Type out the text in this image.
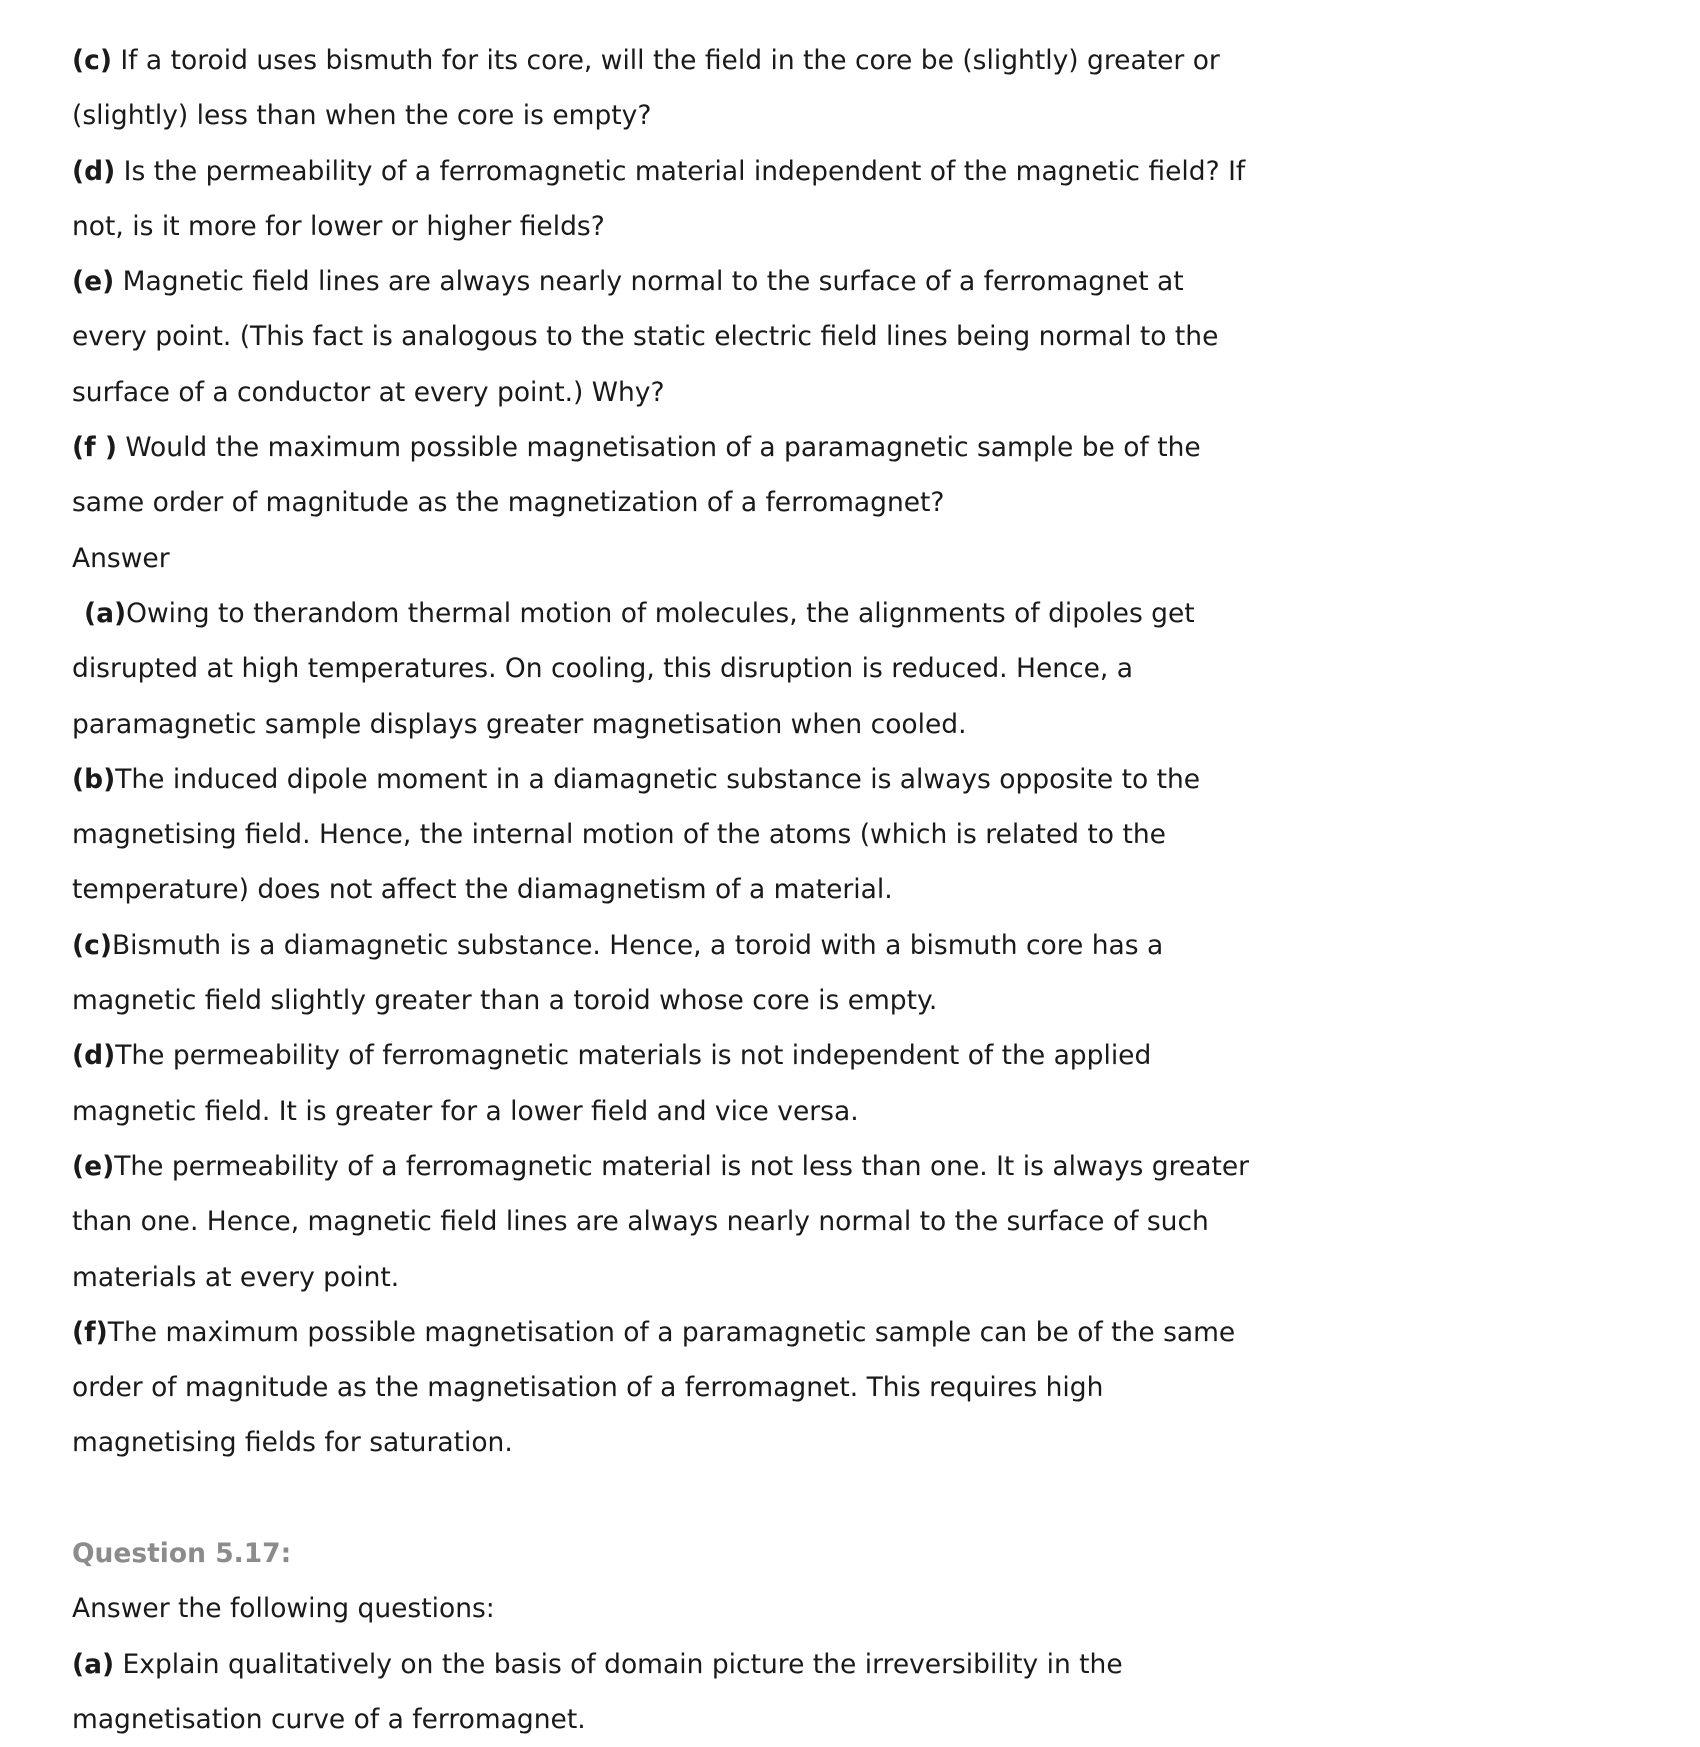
(c) If a toroid uses bismuth for its core, will the field in the core be (slightly) greater or
(slightly) less than when the core is empty?
(d) Is the permeability of a ferromagnetic material independent of the magnetic field? If
not, is it more for lower or higher fields?
(e) Magnetic field lines are always nearly normal to the surface of a ferromagnet at
every point. (This fact is analogous to the static electric field lines being normal to the
surface of a conductor at every point.) Why?
(f ) Would the maximum possible magnetisation of a paramagnetic sample be of the
same order of magnitude as the magnetization of a ferromagnet?
Answer
(a)Owing to therandom thermal motion of molecules, the alignments of dipoles get
disrupted at high temperatures. On cooling, this disruption is reduced. Hence, a
paramagnetic sample displays greater magnetisation when cooled.
(b)The induced dipole moment in a diamagnetic substance is always opposite to the
magnetising field. Hence, the internal motion of the atoms (which is related to the
temperature) does not affect the diamagnetism of a material.
(c)Bismuth is a diamagnetic substance. Hence, a toroid with a bismuth core has a
magnetic field slightly greater than a toroid whose core is empty.
(d)The permeability of ferromagnetic materials is not independent of the applied
magnetic field. It is greater for a lower field and vice versa.
(e)The permeability of a ferromagnetic material is not less than one. It is always greater
than one. Hence, magnetic field lines are always nearly normal to the surface of such
materials at every point.
(f)The maximum possible magnetisation of a paramagnetic sample can be of the same
order of magnitude as the magnetisation of a ferromagnet. This requires high
magnetising fields for saturation.
Question 5.17:
Answer the following questions:
(a) Explain qualitatively on the basis of domain picture the irreversibility in the
magnetisation curve of a ferromagnet.
